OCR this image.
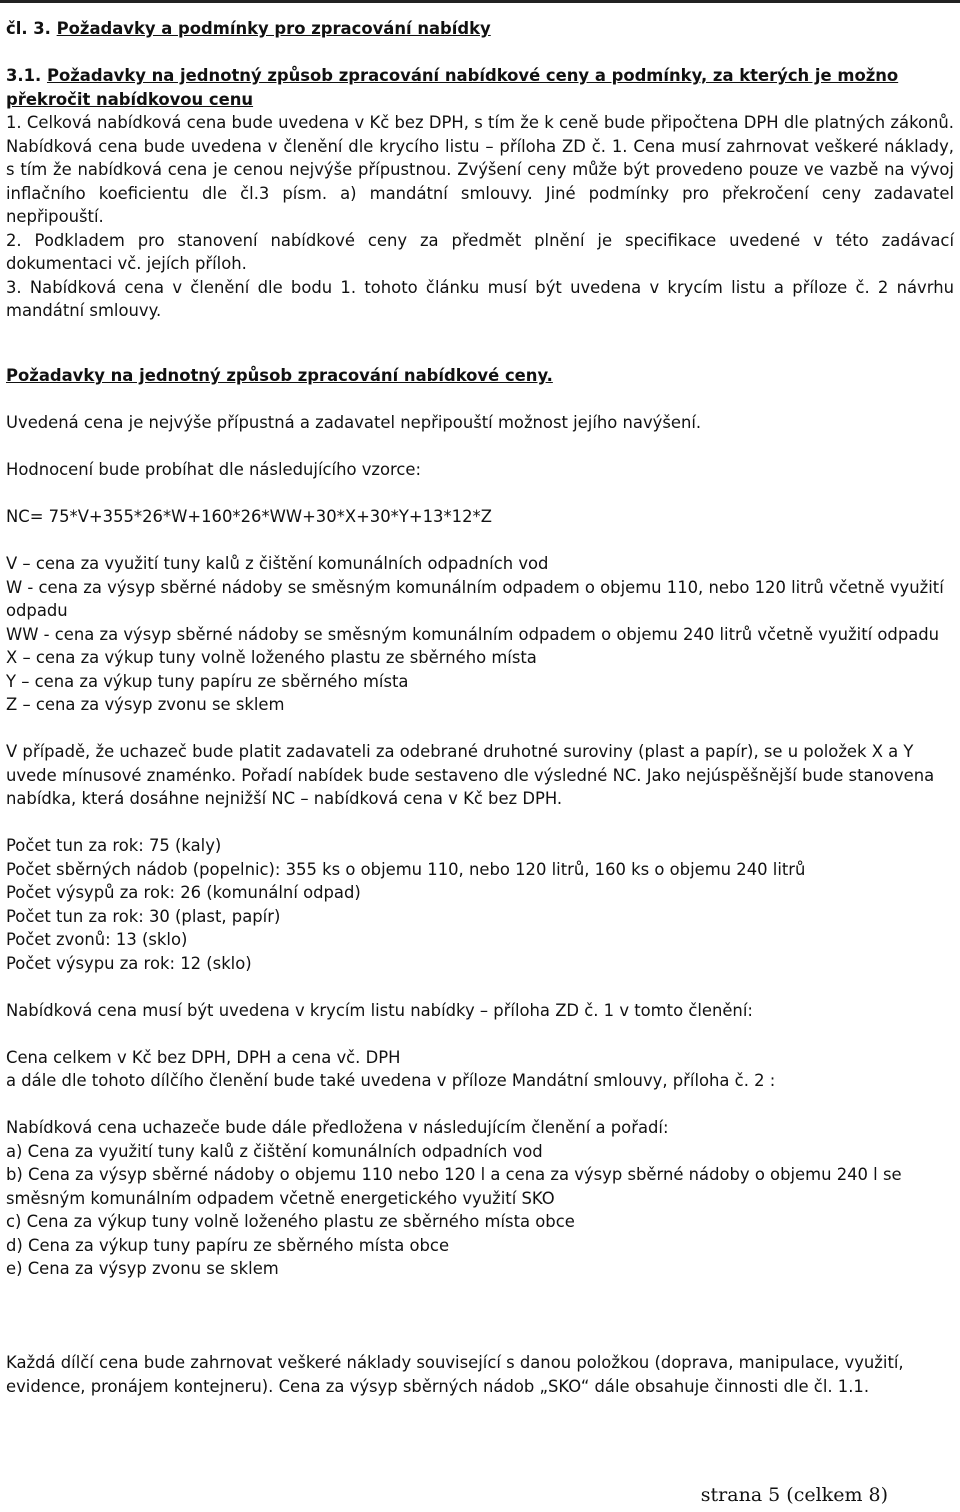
čl. 3. Požadavky a podmínky pro zpracování nabídky

3.1. Požadavky na jednotný způsob zpracování nabídkové ceny a podmínky, za kterých je možno překročit nabídkovou cenu

1. Celková nabídková cena bude uvedena v Kč bez DPH, s tím že k ceně bude připočtena DPH dle platných zákonů. Nabídková cena bude uvedena v členění dle krycího listu – příloha ZD č. 1. Cena musí zahrnovat veškeré náklady, s tím že nabídková cena je cenou nejvýše přípustnou. Zvýšení ceny může být provedeno pouze ve vazbě na vývoj inflačního koeficientu dle čl.3 písm. a) mandátní smlouvy. Jiné podmínky pro překročení ceny zadavatel nepřipouští.

2. Podkladem pro stanovení nabídkové ceny za předmět plnění je specifikace uvedené v této zadávací dokumentaci vč. jejích příloh.

3. Nabídková cena v členění dle bodu 1. tohoto článku musí být uvedena v krycím listu a příloze č. 2 návrhu mandátní smlouvy.

Požadavky na jednotný způsob zpracování nabídkové ceny.

Uvedená cena je nejvýše přípustná a zadavatel nepřipouští možnost jejího navýšení.

Hodnocení bude probíhat dle následujícího vzorce:

NC= 75*V+355*26*W+160*26*WW+30*X+30*Y+13*12*Z

V – cena za využití tuny kalů z čištění komunálních odpadních vod

W - cena za výsyp sběrné nádoby se směsným komunálním odpadem o objemu 110, nebo 120 litrů včetně využití odpadu

WW - cena za výsyp sběrné nádoby se směsným komunálním odpadem o objemu 240 litrů včetně využití odpadu

X – cena za výkup tuny volně loženého plastu ze sběrného místa

Y – cena za výkup tuny papíru ze sběrného místa

Z – cena za výsyp zvonu se sklem

V případě, že uchazeč bude platit zadavateli za odebrané druhotné suroviny (plast a papír), se u položek X a Y uvede mínusové znaménko. Pořadí nabídek bude sestaveno dle výsledné NC. Jako nejúspěšnější bude stanovena nabídka, která dosáhne nejnižší NC – nabídková cena v Kč bez DPH.

Počet tun za rok: 75 (kaly)

Počet sběrných nádob (popelnic): 355 ks o objemu 110, nebo 120 litrů, 160 ks o objemu 240 litrů

Počet výsypů za rok: 26 (komunální odpad)

Počet tun za rok: 30 (plast, papír)

Počet zvonů: 13 (sklo)

Počet výsypu za rok: 12 (sklo)

Nabídková cena musí být uvedena v krycím listu nabídky – příloha ZD č. 1 v tomto členění:

Cena celkem v Kč bez DPH, DPH a cena vč. DPH

a dále dle tohoto dílčího členění bude také uvedena v příloze Mandátní smlouvy, příloha č. 2 :

Nabídková cena uchazeče bude dále předložena v následujícím členění a pořadí:

a) Cena za využití tuny kalů z čištění komunálních odpadních vod

b) Cena za výsyp sběrné nádoby o objemu 110 nebo 120 l a cena za výsyp sběrné nádoby o objemu 240 l se směsným komunálním odpadem včetně energetického využití SKO

c) Cena za výkup tuny volně loženého plastu ze sběrného místa obce

d) Cena za výkup tuny papíru ze sběrného místa obce

e) Cena za výsyp zvonu se sklem

Každá dílčí cena bude zahrnovat veškeré náklady související s danou položkou (doprava, manipulace, využití, evidence, pronájem kontejneru). Cena za výsyp sběrných nádob „SKO“ dále obsahuje činnosti dle čl. 1.1.

strana 5 (celkem 8)
